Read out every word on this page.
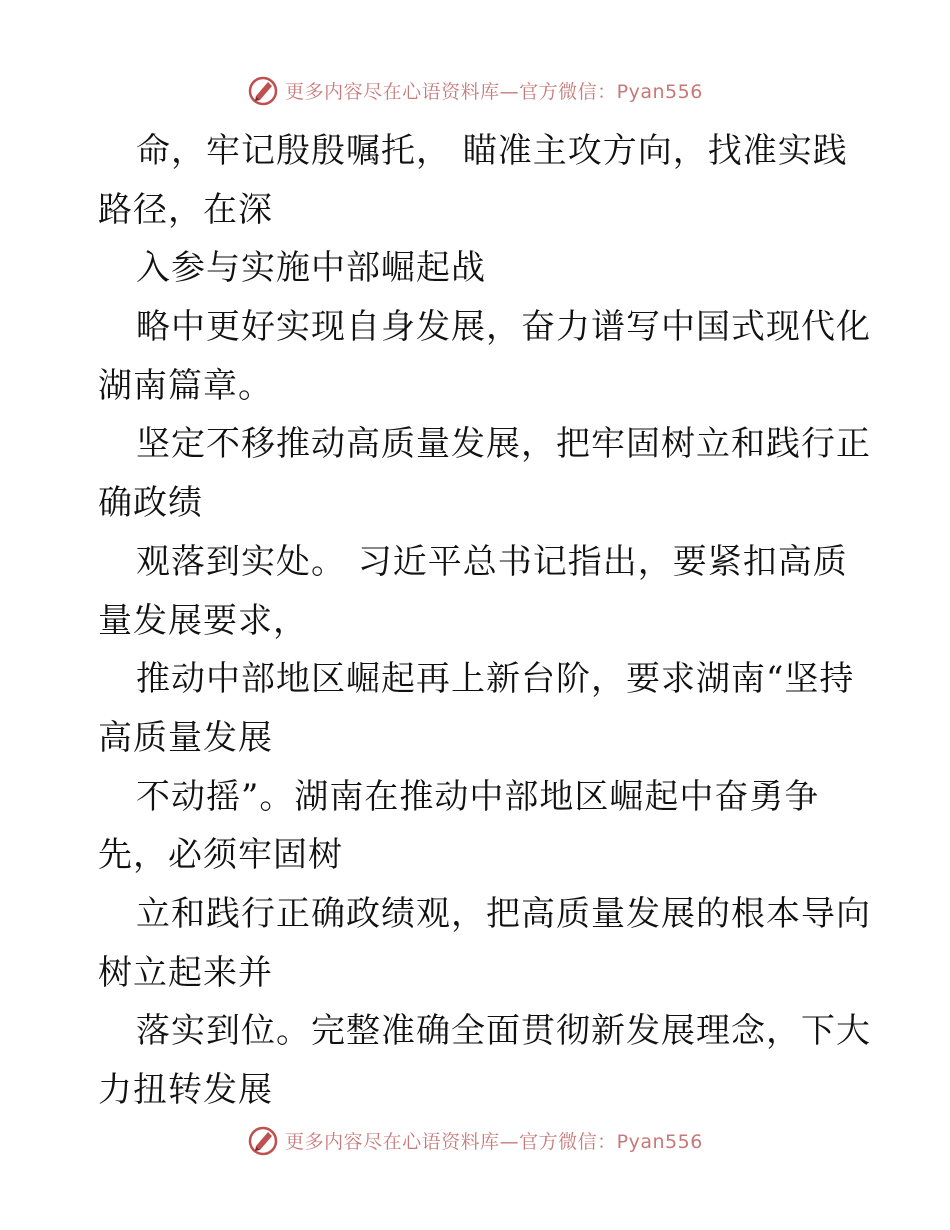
更多内容尽在心语资料库—官方微信：Pyan556
命，牢记殷殷嘱托， 瞄准主攻方向，找准实践
路径，在深
入参与实施中部崛起战
略中更好实现自身发展，奋力谱写中国式现代化
湖南篇章。
坚定不移推动高质量发展，把牢固树立和践行正
确政绩
观落到实处。 习近平总书记指出，要紧扣高质
量发展要求，
推动中部地区崛起再上新台阶，要求湖南“坚持
高质量发展
不动摇”。湖南在推动中部地区崛起中奋勇争
先，必须牢固树
立和践行正确政绩观，把高质量发展的根本导向
树立起来并
落实到位。完整准确全面贯彻新发展理念，下大
力扭转发展
更多内容尽在心语资料库—官方微信：Pyan556
